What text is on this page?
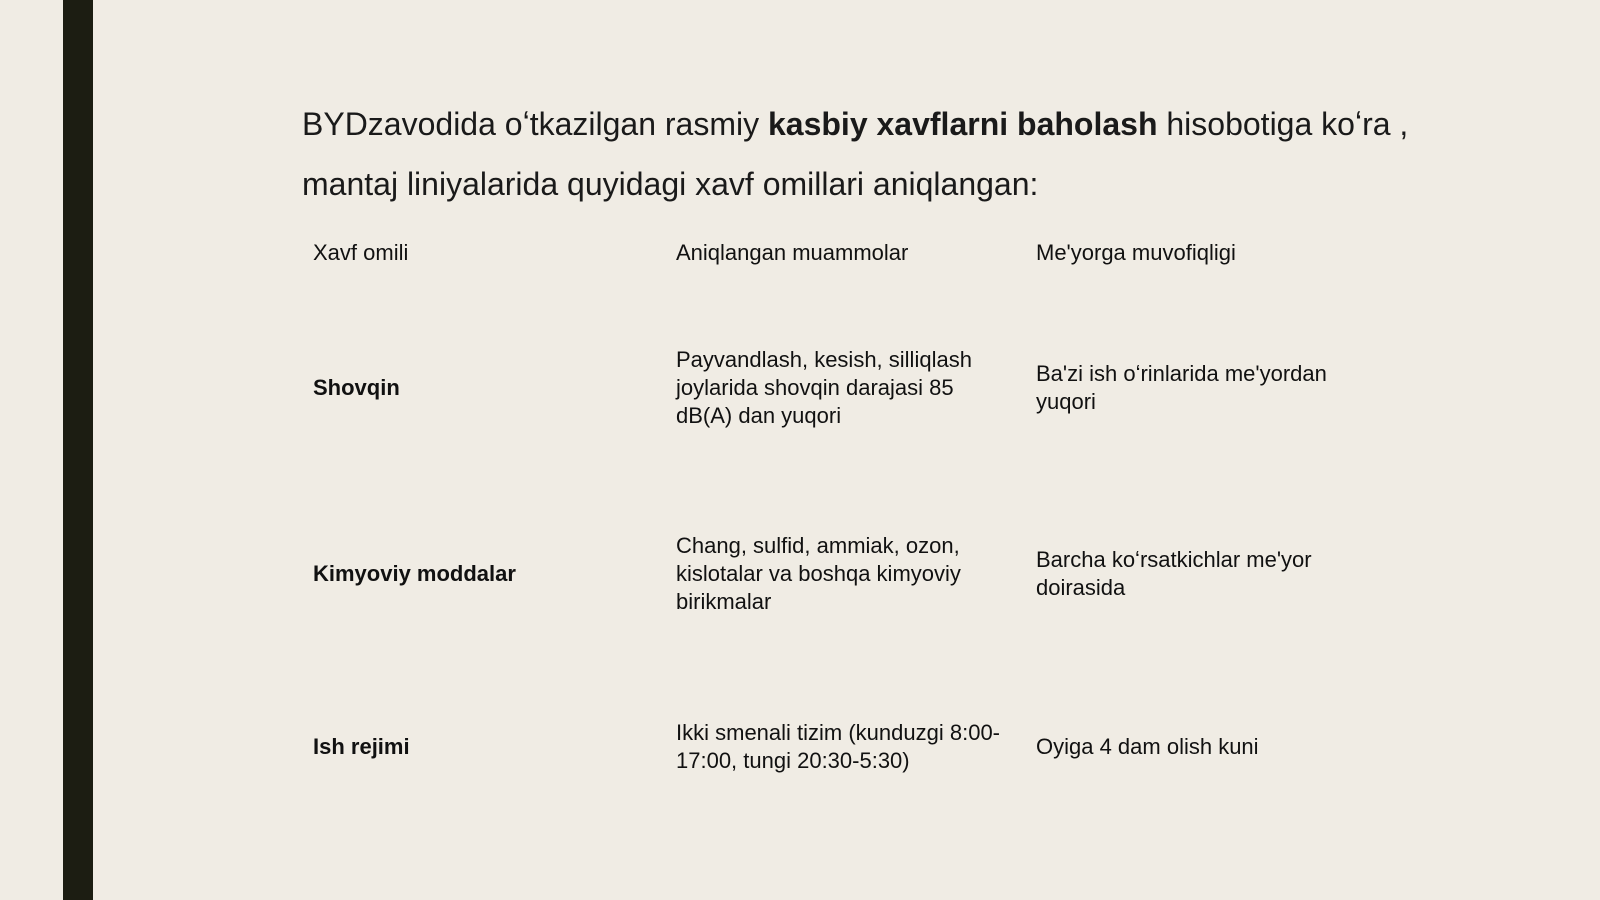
BYDzavodida oʻtkazilgan rasmiy kasbiy xavflarni baholash hisobotiga koʻra , mantaj liniyalarida quyidagi xavf omillari aniqlangan:
Xavf omili	Aniqlangan muammolar	Me'yorga muvofiqligi
Shovqin
Payvandlash, kesish, silliqlash joylarida shovqin darajasi 85 dB(A) dan yuqori
Ba'zi ish oʻrinlarida me'yordan yuqori
Kimyoviy moddalar
Chang, sulfid, ammiak, ozon, kislotalar va boshqa kimyoviy birikmalar
Barcha koʻrsatkichlar me'yor doirasida
Ish rejimi
Ikki smenali tizim (kunduzgi 8:00-17:00, tungi 20:30-5:30)
Oyiga 4 dam olish kuni
